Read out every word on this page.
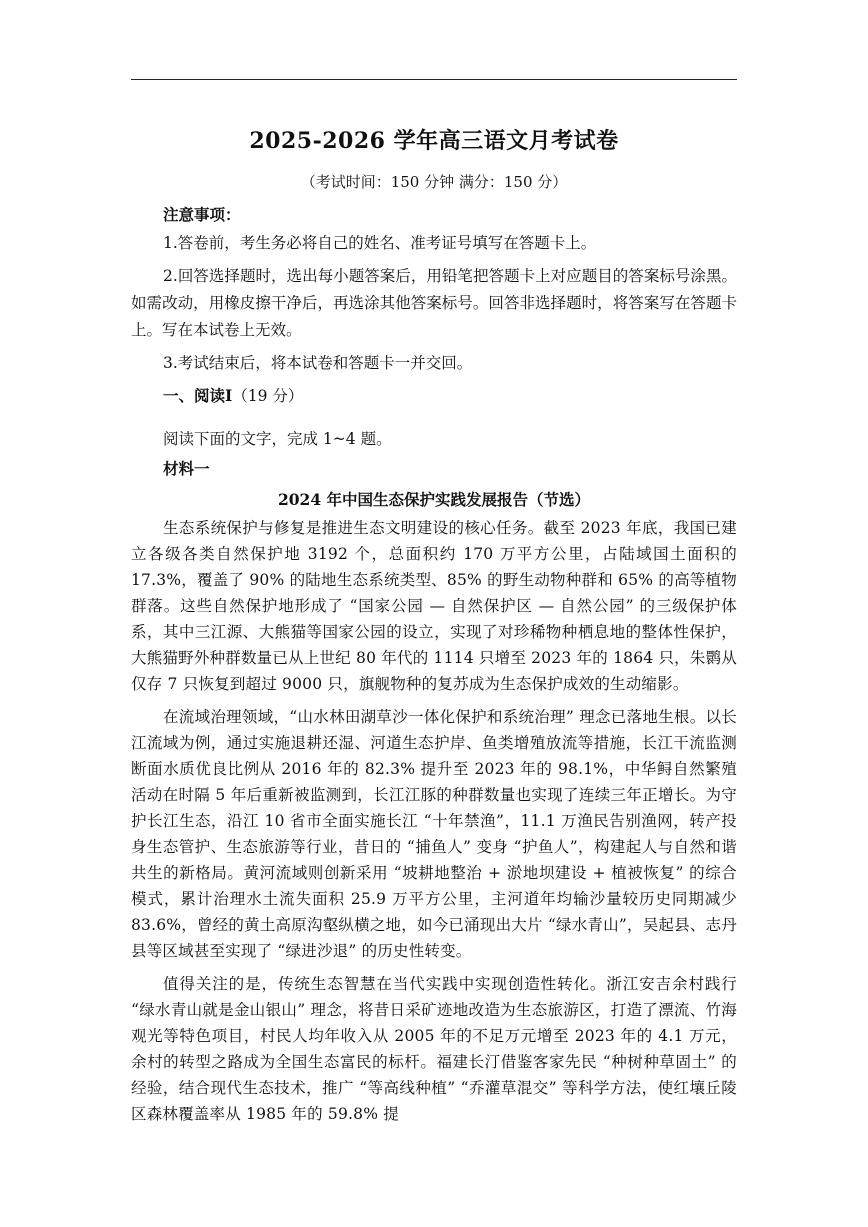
2025-2026 学年高三语文月考试卷
（考试时间：150 分钟 满分：150 分）
注意事项：

1.答卷前，考生务必将自己的姓名、准考证号填写在答题卡上。

2.回答选择题时，选出每小题答案后，用铅笔把答题卡上对应题目的答案标号涂黑。如需改动，用橡皮擦干净后，再选涂其他答案标号。回答非选择题时，将答案写在答题卡上。写在本试卷上无效。

3.考试结束后，将本试卷和答题卡一并交回。

一、阅读Ⅰ（19 分）
阅读下面的文字，完成 1~4 题。
材料一
2024 年中国生态保护实践发展报告（节选）

生态系统保护与修复是推进生态文明建设的核心任务。截至 2023 年底，我国已建立各级各类自然保护地 3192 个，总面积约 170 万平方公里，占陆域国土面积的 17.3%，覆盖了 90% 的陆地生态系统类型、85% 的野生动物种群和 65% 的高等植物群落。这些自然保护地形成了 “国家公园 — 自然保护区 — 自然公园” 的三级保护体系，其中三江源、大熊猫等国家公园的设立，实现了对珍稀物种栖息地的整体性保护，大熊猫野外种群数量已从上世纪 80 年代的 1114 只增至 2023 年的 1864 只，朱鹮从仅存 7 只恢复到超过 9000 只，旗舰物种的复苏成为生态保护成效的生动缩影。

在流域治理领域，“山水林田湖草沙一体化保护和系统治理” 理念已落地生根。以长江流域为例，通过实施退耕还湿、河道生态护岸、鱼类增殖放流等措施，长江干流监测断面水质优良比例从 2016 年的 82.3% 提升至 2023 年的 98.1%，中华鲟自然繁殖活动在时隔 5 年后重新被监测到，长江江豚的种群数量也实现了连续三年正增长。为守护长江生态，沿江 10 省市全面实施长江 “十年禁渔”，11.1 万渔民告别渔网，转产投身生态管护、生态旅游等行业，昔日的 “捕鱼人” 变身 “护鱼人”，构建起人与自然和谐共生的新格局。黄河流域则创新采用 “坡耕地整治 + 淤地坝建设 + 植被恢复” 的综合模式，累计治理水土流失面积 25.9 万平方公里，主河道年均输沙量较历史同期减少 83.6%，曾经的黄土高原沟壑纵横之地，如今已涌现出大片 “绿水青山”，吴起县、志丹县等区域甚至实现了 “绿进沙退” 的历史性转变。

值得关注的是，传统生态智慧在当代实践中实现创造性转化。浙江安吉余村践行 “绿水青山就是金山银山” 理念，将昔日采矿迹地改造为生态旅游区，打造了漂流、竹海观光等特色项目，村民人均年收入从 2005 年的不足万元增至 2023 年的 4.1 万元，余村的转型之路成为全国生态富民的标杆。福建长汀借鉴客家先民 “种树种草固土” 的经验，结合现代生态技术，推广 “等高线种植” “乔灌草混交” 等科学方法，使红壤丘陵区森林覆盖率从 1985 年的 59.8% 提
